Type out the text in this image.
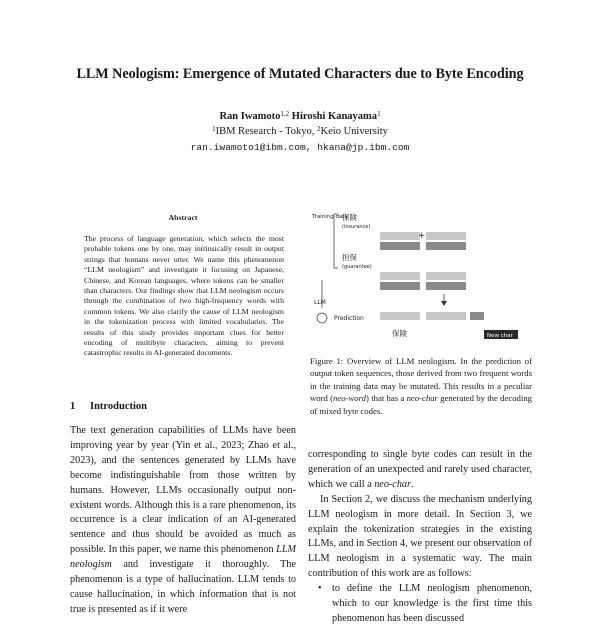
LLM Neologism: Emergence of Mutated Characters due to Byte Encoding
Ran Iwamoto$^{1,2}$ Hiroshi Kanayama$^1$
$^1$IBM Research - Tokyo, $^2$Keio University
ran.iwamoto1@ibm.com, hkana@jp.ibm.com
Abstract
The process of language generation, which selects the most probable tokens one by one, may intrinsically result in output strings that humans never utter. We name this phenomenon “LLM neologism” and investigate it focusing on Japanese, Chinese, and Korean languages, where tokens can be smaller than characters. Our findings show that LLM neologism occurs through the combination of two high-frequency words with common tokens. We also clarify the cause of LLM neologism in the tokenization process with limited vocabularies. The results of this study provides important clues for better encoding of multibyte characters, aiming to prevent catastrophic results in AI-generated documents.
1 Introduction
The text generation capabilities of LLMs have been improving year by year (Yin et al., 2023; Zhao et al., 2023), and the sentences generated by LLMs have become indistinguishable from those written by humans. However, LLMs occasionally output non-existent words. Although this is a rare phenomenon, its occurrence is a clear indication of an AI-generated sentence and thus should be avoided as much as possible. In this paper, we name this phenomenon LLM neologism and investigate it thoroughly. The phenomenon is a type of hallucination. LLM tends to cause hallucination, in which information that is not true is presented as if it were
Training data
保険
(insurance)
担保
(guarantee)
+
LLM
Prediction
保険	New char
Figure 1: Overview of LLM neologism. In the prediction of output token sequences, those derived from two frequent words in the training data may be mutated. This results in a peculiar word (neo-word) that has a neo-char generated by the decoding of mixed byte codes.

corresponding to single byte codes can result in the generation of an unexpected and rarely used character, which we call a neo-char.

In Section 2, we discuss the mechanism underlying LLM neologism in more detail. In Section 3, we explain the tokenization strategies in the existing LLMs, and in Section 4, we present our observation of LLM neologism in a systematic way. The main contribution of this work are as follows:

• to define the LLM neologism phenomenon, which to our knowledge is the first time this phenomenon has been discussed
